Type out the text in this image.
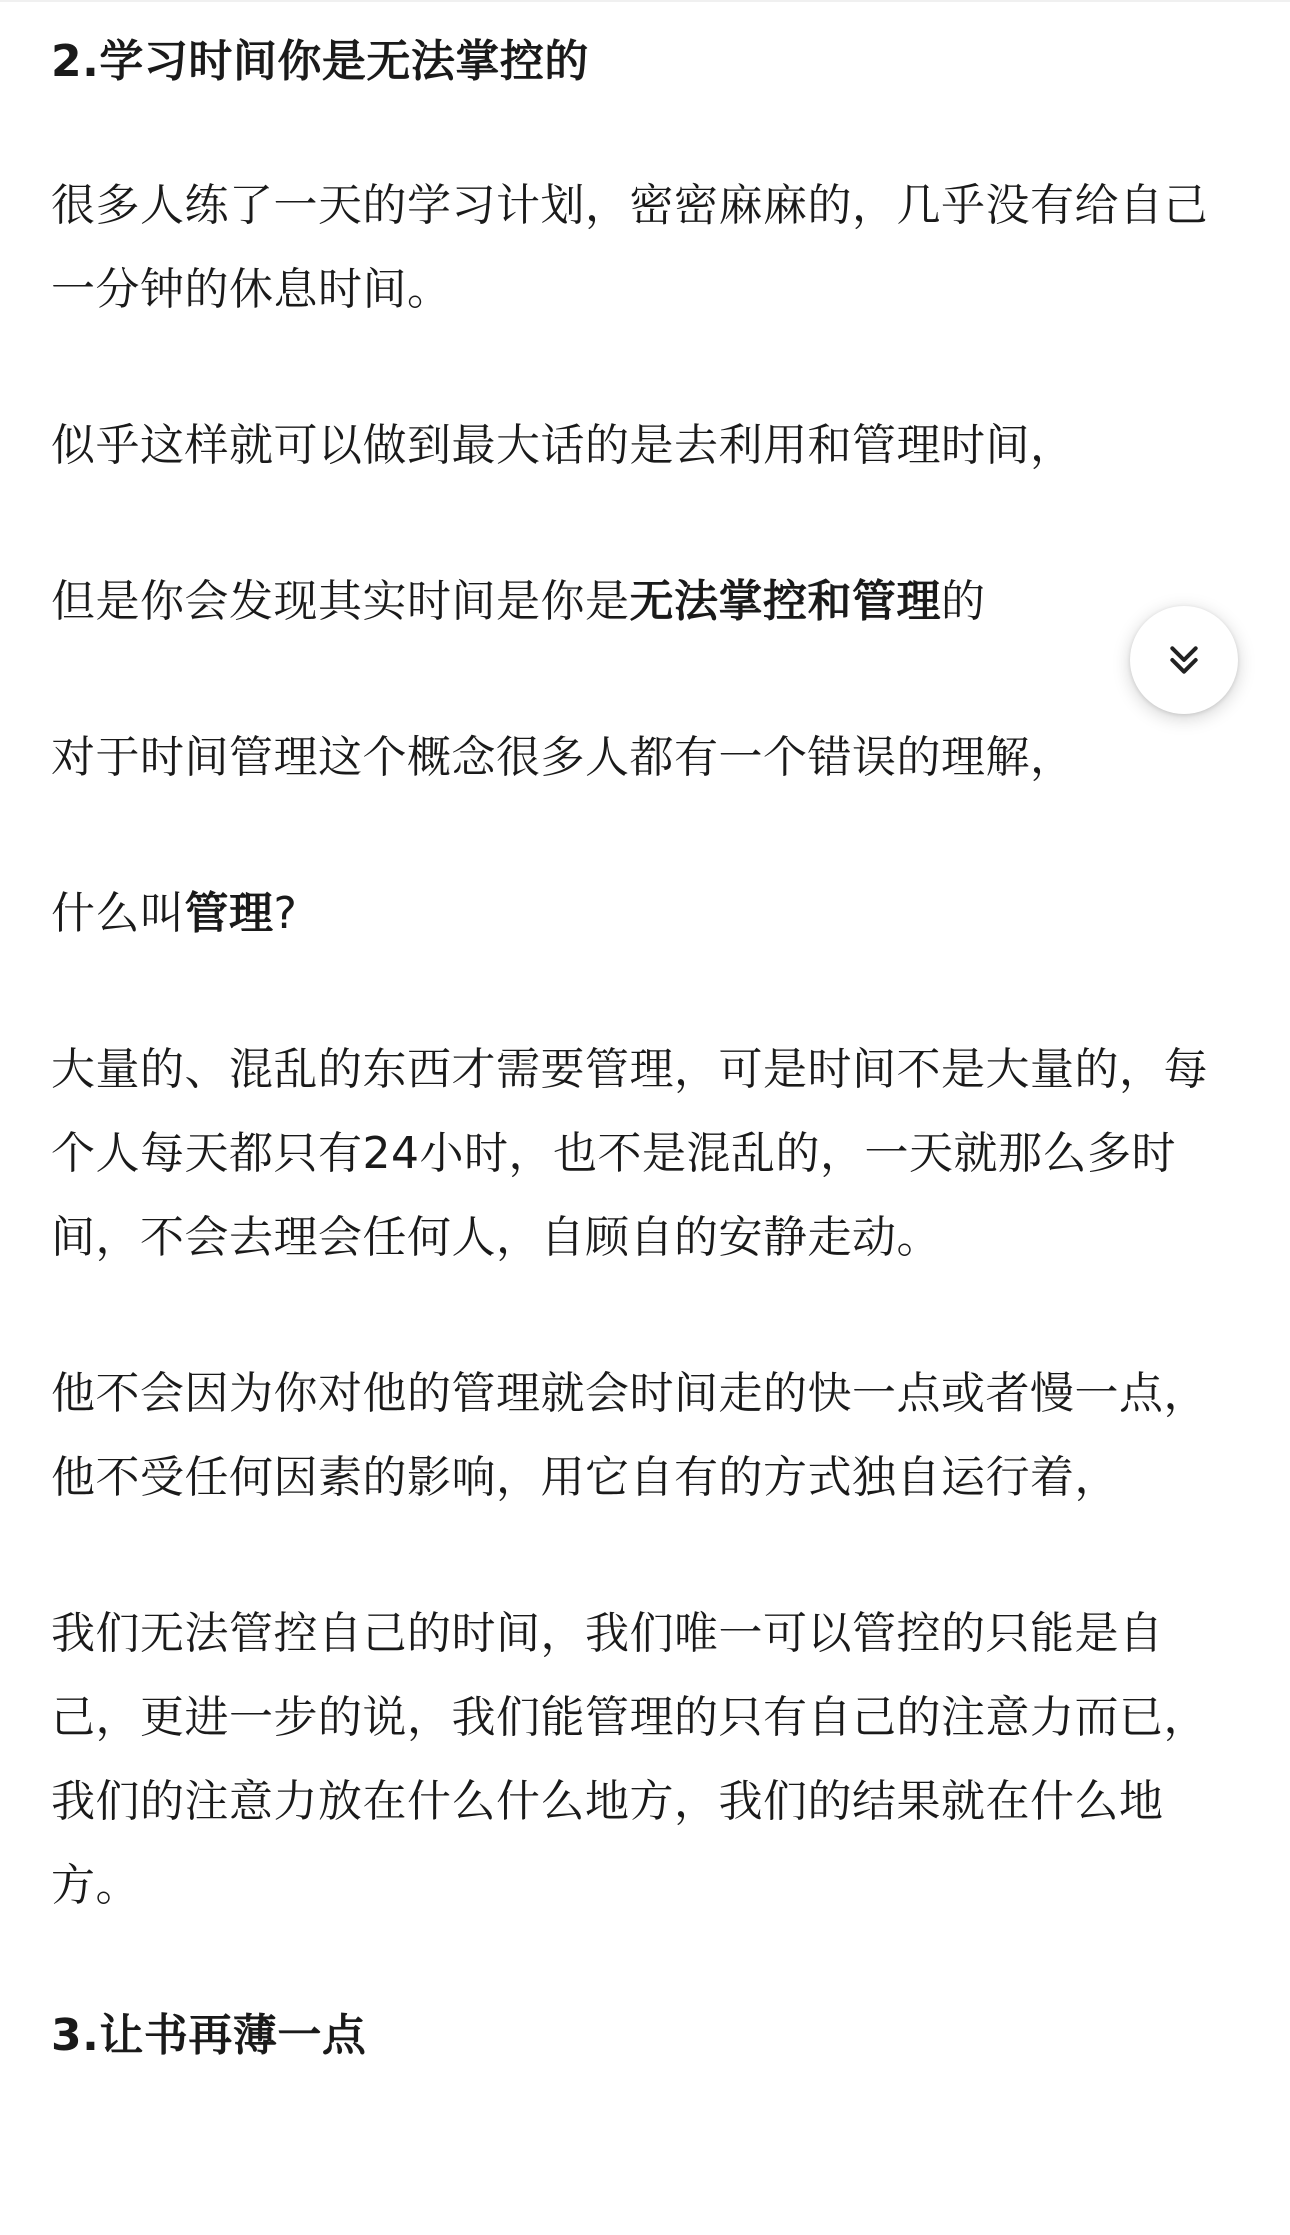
2.学习时间你是无法掌控的
很多人练了一天的学习计划，密密麻麻的，几乎没有给自己一分钟的休息时间。
似乎这样就可以做到最大话的是去利用和管理时间，
但是你会发现其实时间是你是无法掌控和管理的
对于时间管理这个概念很多人都有一个错误的理解，
什么叫管理?
大量的、混乱的东西才需要管理，可是时间不是大量的，每个人每天都只有24小时，也不是混乱的，一天就那么多时间，不会去理会任何人，自顾自的安静走动。
他不会因为你对他的管理就会时间走的快一点或者慢一点，他不受任何因素的影响，用它自有的方式独自运行着，
我们无法管控自己的时间，我们唯一可以管控的只能是自己，更进一步的说，我们能管理的只有自己的注意力而已，我们的注意力放在什么什么地方，我们的结果就在什么地方。
3.让书再薄一点
